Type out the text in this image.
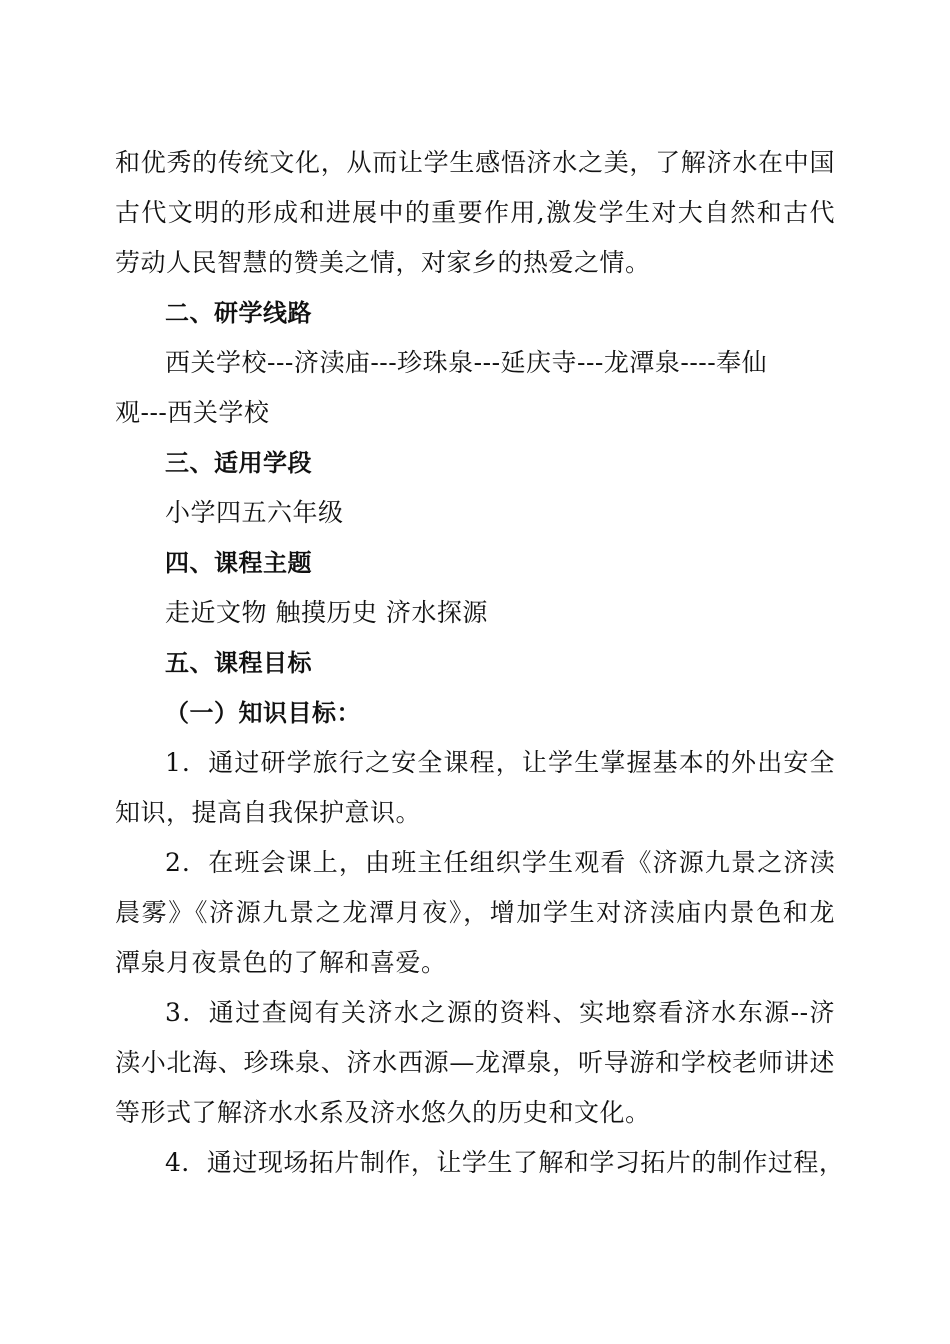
和优秀的传统文化，从而让学生感悟济水之美，了解济水在中国
古代文明的形成和进展中的重要作用,激发学生对大自然和古代
劳动人民智慧的赞美之情，对家乡的热爱之情。
二、研学线路
西关学校---济渎庙---珍珠泉---延庆寺---龙潭泉----奉仙
观---西关学校
三、适用学段
小学四五六年级
四、课程主题
走近文物 触摸历史 济水探源
五、课程目标
（一）知识目标：
1．通过研学旅行之安全课程，让学生掌握基本的外出安全
知识，提高自我保护意识。
2．在班会课上，由班主任组织学生观看《济源九景之济渎
晨雾》《济源九景之龙潭月夜》，增加学生对济渎庙内景色和龙
潭泉月夜景色的了解和喜爱。
3．通过查阅有关济水之源的资料、实地察看济水东源--济
渎小北海、珍珠泉、济水西源—龙潭泉，听导游和学校老师讲述
等形式了解济水水系及济水悠久的历史和文化。
4．通过现场拓片制作，让学生了解和学习拓片的制作过程，
